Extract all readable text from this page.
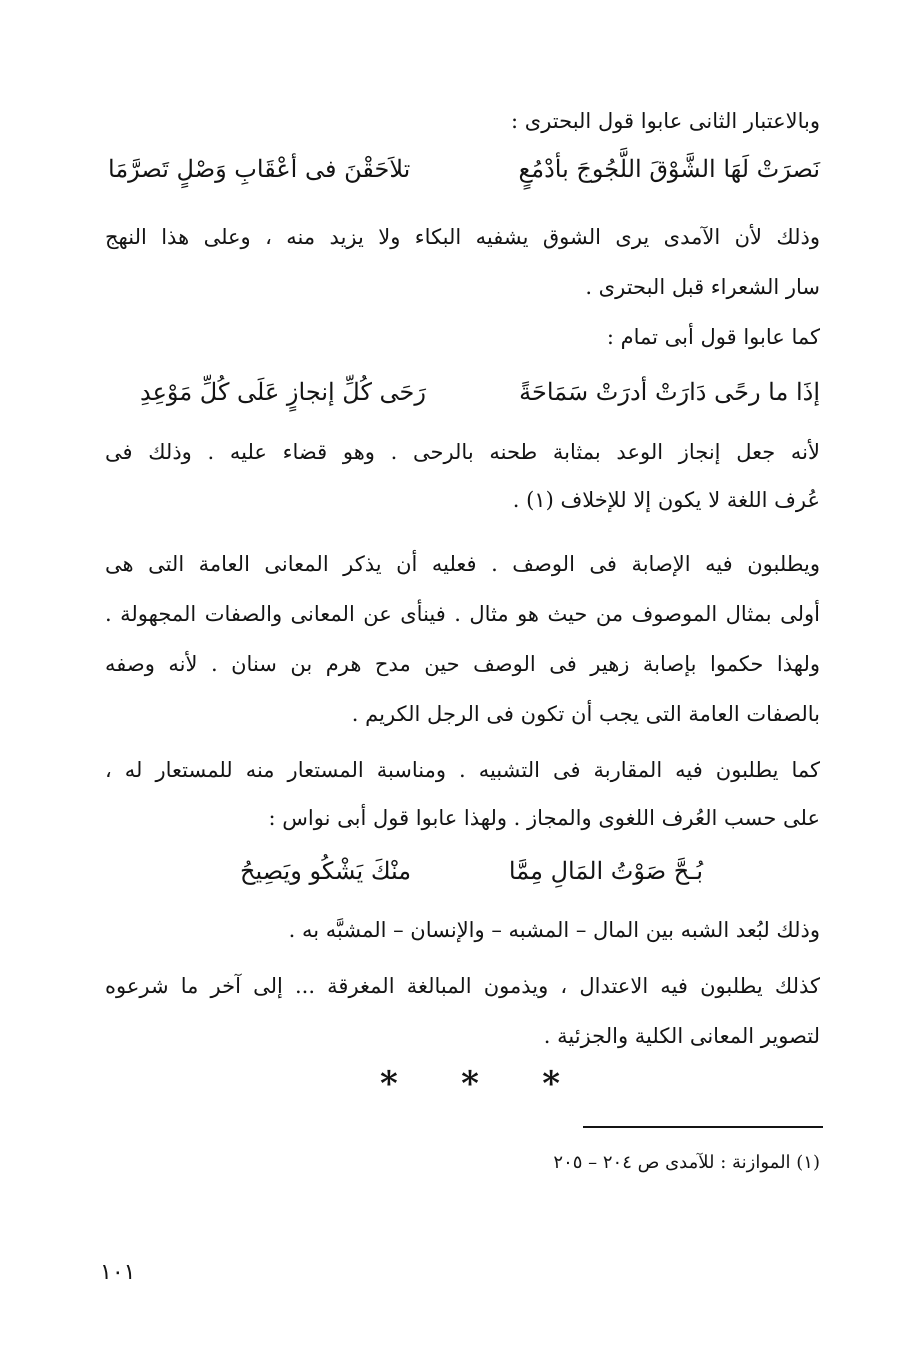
وبالاعتبار الثانى عابوا قول البحترى :
نَصرَتْ لَهَا الشَّوْقَ اللَّجُوجَ بأدْمُعٍ
تلاَحَقْنَ فى أعْقَابِ وَصْلٍ تَصرَّمَا
وذلك لأن الآمدى يرى الشوق يشفيه البكاء ولا يزيد منه ، وعلى هذا النهج
سار الشعراء قبل البحترى .
كما عابوا قول أبى تمام :
إذَا ما رحًى دَارَتْ أدرَتْ سَمَاحَةً
رَحَى كُلِّ إنجازٍ عَلَى كُلِّ مَوْعِدِ
لأنه جعل إنجاز الوعد بمثابة طحنه بالرحى . وهو قضاء عليه . وذلك فى
عُرف اللغة لا يكون إلا للإخلاف (١) .
ويطلبون فيه الإصابة فى الوصف . فعليه أن يذكر المعانى العامة التى هى
أولى بمثال الموصوف من حيث هو مثال . فينأى عن المعانى والصفات المجهولة .
ولهذا حكموا بإصابة زهير فى الوصف حين مدح هرم بن سنان . لأنه وصفه
بالصفات العامة التى يجب أن تكون فى الرجل الكريم .
كما يطلبون فيه المقاربة فى التشبيه . ومناسبة المستعار منه للمستعار له ،
على حسب العُرف اللغوى والمجاز . ولهذا عابوا قول أبى نواس :
بُـحَّ صَوْتُ المَالِ مِمَّا
منْكَ يَشْكُو ويَصِيحُ
وذلك لبُعد الشبه بين المال – المشبه – والإنسان – المشبَّه به .
كذلك يطلبون فيه الاعتدال ، ويذمون المبالغة المغرقة ... إلى آخر ما شرعوه
لتصوير المعانى الكلية والجزئية .
* * *
(١) الموازنة : للآمدى ص ٢٠٤ – ٢٠٥
١٠١
